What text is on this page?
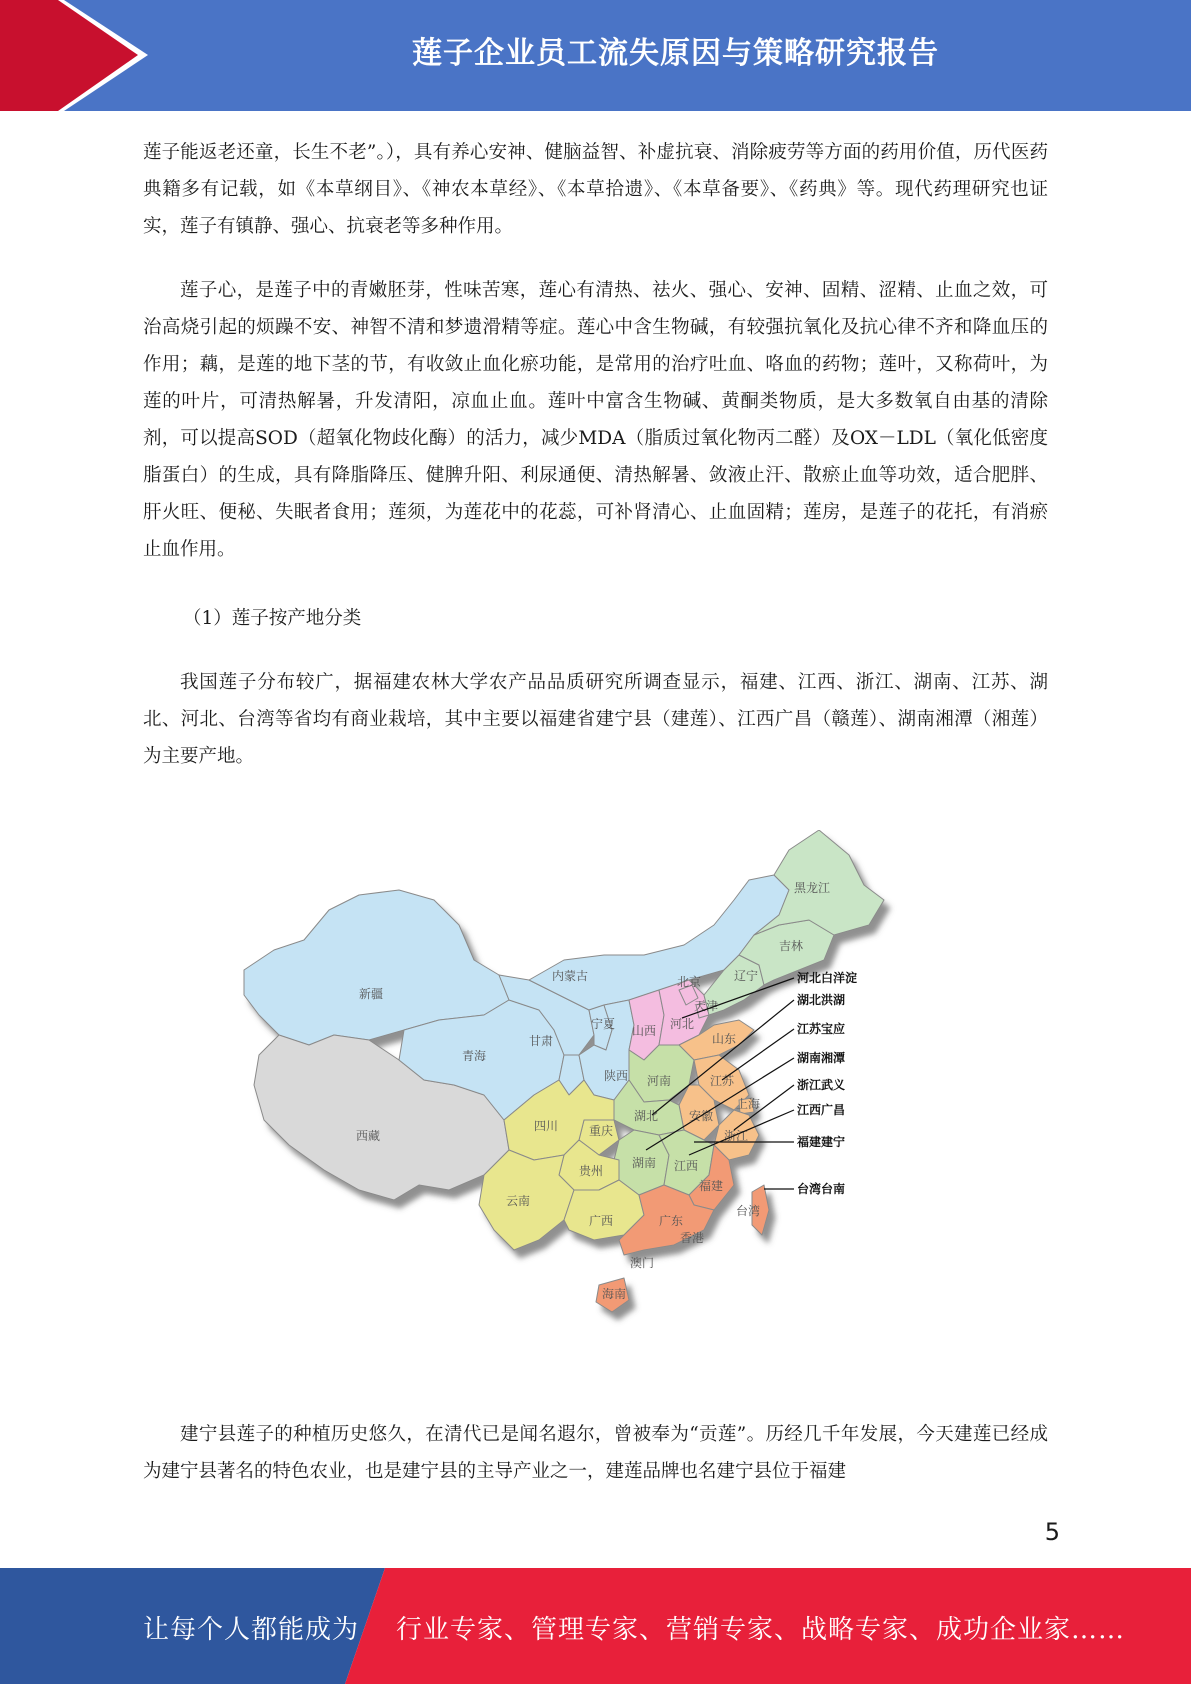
莲子企业员工流失原因与策略研究报告

莲子能返老还童，长生不老”。），具有养心安神、健脑益智、补虚抗衰、消除疲劳等方面的药用价值，历代医药典籍多有记载，如《本草纲目》、《神农本草经》、《本草拾遗》、《本草备要》、《药典》等。现代药理研究也证实，莲子有镇静、强心、抗衰老等多种作用。

莲子心，是莲子中的青嫩胚芽，性味苦寒，莲心有清热、祛火、强心、安神、固精、涩精、止血之效，可治高烧引起的烦躁不安、神智不清和梦遗滑精等症。莲心中含生物碱，有较强抗氧化及抗心律不齐和降血压的作用；藕，是莲的地下茎的节，有收敛止血化瘀功能，是常用的治疗吐血、咯血的药物；莲叶，又称荷叶，为莲的叶片，可清热解暑，升发清阳，凉血止血。莲叶中富含生物碱、黄酮类物质，是大多数氧自由基的清除剂，可以提高SOD（超氧化物歧化酶）的活力，减少MDA（脂质过氧化物丙二醛）及OX－LDL（氧化低密度脂蛋白）的生成，具有降脂降压、健脾升阳、利尿通便、清热解暑、敛液止汗、散瘀止血等功效，适合肥胖、肝火旺、便秘、失眠者食用；莲须，为莲花中的花蕊，可补肾清心、止血固精；莲房，是莲子的花托，有消瘀止血作用。

（1）莲子按产地分类

我国莲子分布较广，据福建农林大学农产品品质研究所调查显示，福建、江西、浙江、湖南、江苏、湖北、河北、台湾等省均有商业栽培，其中主要以福建省建宁县（建莲）、江西广昌（赣莲）、湖南湘潭（湘莲）为主要产地。

新疆
西藏
青海
内蒙古
甘肃
宁夏
陕西
四川	重庆
贵州
云南
广西	广东
海南
湖南
湖北
河南
山西 河北
北京
天津
辽宁
吉林
黑龙江
山东
江苏
安徽
上海
浙江
江西
福建
台湾
香港
澳门
河北白洋淀
湖北洪湖
江苏宝应
湖南湘潭
浙江武义
江西广昌
福建建宁
台湾台南

建宁县莲子的种植历史悠久，在清代已是闻名遐尔，曾被奉为“贡莲”。历经几千年发展，今天建莲已经成为建宁县著名的特色农业，也是建宁县的主导产业之一，建莲品牌也名建宁县位于福建

5
让每个人都能成为 行业专家、管理专家、营销专家、战略专家、成功企业家……
